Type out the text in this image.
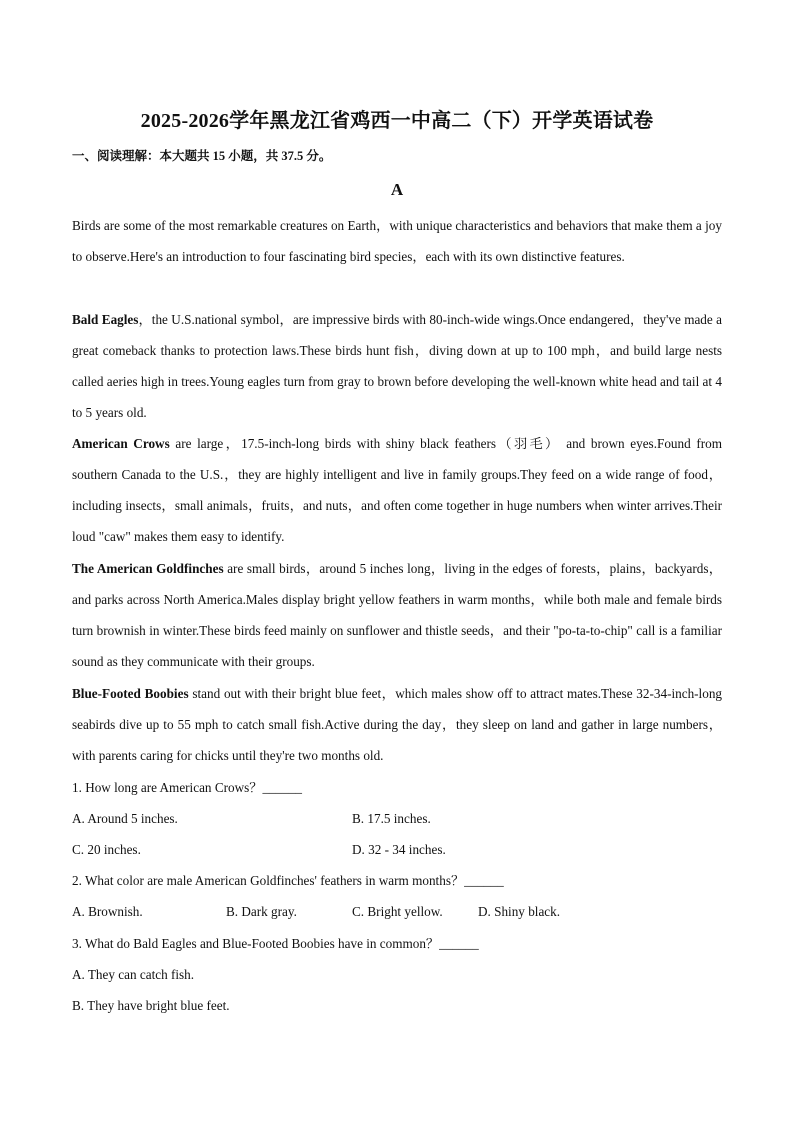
2025-2026学年黑龙江省鸡西一中高二（下）开学英语试卷
一、阅读理解：本大题共 15 小题，共 37.5 分。
A

Birds are some of the most remarkable creatures on Earth，with unique characteristics and behaviors that make them a joy to observe.Here's an introduction to four fascinating bird species，each with its own distinctive features.

Bald Eagles，the U.S.national symbol，are impressive birds with 80-inch-wide wings.Once endangered，they've made a great comeback thanks to protection laws.These birds hunt fish，diving down at up to 100 mph，and build large nests called aeries high in trees.Young eagles turn from gray to brown before developing the well-known white head and tail at 4 to 5 years old.

American Crows are large，17.5-inch-long birds with shiny black feathers（羽毛） and brown eyes.Found from southern Canada to the U.S.，they are highly intelligent and live in family groups.They feed on a wide range of food，including insects，small animals，fruits，and nuts，and often come together in huge numbers when winter arrives.Their loud "caw" makes them easy to identify.

The American Goldfinches are small birds，around 5 inches long，living in the edges of forests，plains，backyards，and parks across North America.Males display bright yellow feathers in warm months，while both male and female birds turn brownish in winter.These birds feed mainly on sunflower and thistle seeds，and their "po-ta-to-chip" call is a familiar sound as they communicate with their groups.

Blue-Footed Boobies stand out with their bright blue feet，which males show off to attract mates.These 32-34-inch-long seabirds dive up to 55 mph to catch small fish.Active during the day，they sleep on land and gather in large numbers，with parents caring for chicks until they're two months old.

1. How long are American Crows？______
A. Around 5 inches.	B. 17.5 inches.
C. 20 inches.	D. 32 - 34 inches.
2. What color are male American Goldfinches' feathers in warm months？______
A. Brownish.	B. Dark gray.	C. Bright yellow.	D. Shiny black.
3. What do Bald Eagles and Blue-Footed Boobies have in common？______
A. They can catch fish.
B. They have bright blue feet.
